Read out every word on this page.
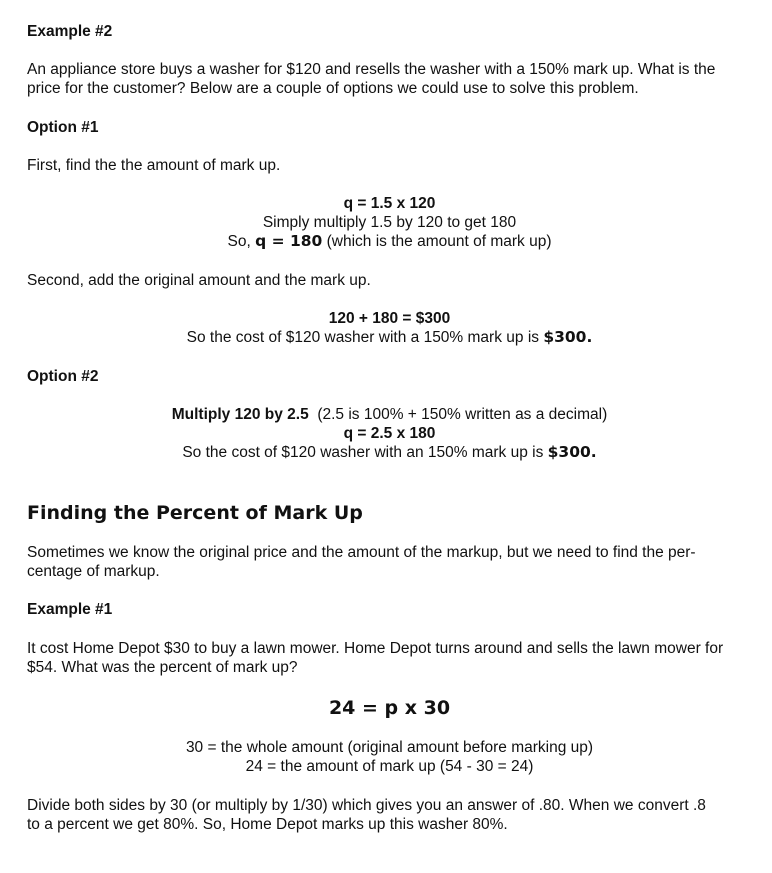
Example #2
An appliance store buys a washer for $120 and resells the washer with a 150% mark up. What is the
price for the customer? Below are a couple of options we could use to solve this problem.
Option #1
First, find the the amount of mark up.
q = 1.5 x 120
Simply multiply 1.5 by 120 to get 180
So, q = 180 (which is the amount of mark up)
Second, add the original amount and the mark up.
120 + 180 = $300
So the cost of $120 washer with a 150% mark up is $300.
Option #2
Multiply 120 by 2.5  (2.5 is 100% + 150% written as a decimal)
q = 2.5 x 180
So the cost of $120 washer with an 150% mark up is $300.
Finding the Percent of Mark Up
Sometimes we know the original price and the amount of the markup, but we need to find the per-
centage of markup.
Example #1
It cost Home Depot $30 to buy a lawn mower. Home Depot turns around and sells the lawn mower for
$54. What was the percent of mark up?
24 = p x 30
30 = the whole amount (original amount before marking up)
24 = the amount of mark up (54 - 30 = 24)
Divide both sides by 30 (or multiply by 1/30) which gives you an answer of .80. When we convert .8
to a percent we get 80%. So, Home Depot marks up this washer 80%.
